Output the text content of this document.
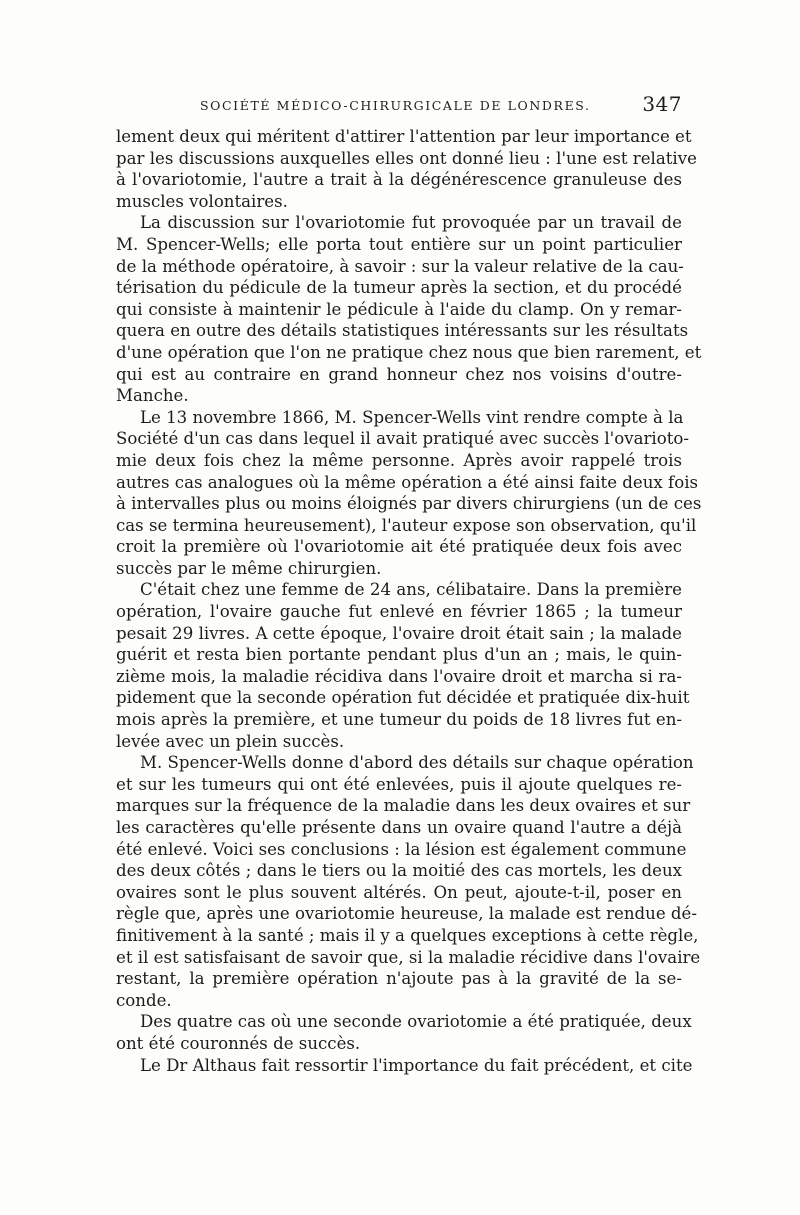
SOCIÉTÉ MÉDICO-CHIRURGICALE DE LONDRES.	347
lement deux qui méritent d'attirer l'attention par leur importance et
par les discussions auxquelles elles ont donné lieu : l'une est relative
à l'ovariotomie, l'autre a trait à la dégénérescence granuleuse des
muscles volontaires.
La discussion sur l'ovariotomie fut provoquée par un travail de
M. Spencer-Wells; elle porta tout entière sur un point particulier
de la méthode opératoire, à savoir : sur la valeur relative de la cau-
térisation du pédicule de la tumeur après la section, et du procédé
qui consiste à maintenir le pédicule à l'aide du clamp. On y remar-
quera en outre des détails statistiques intéressants sur les résultats
d'une opération que l'on ne pratique chez nous que bien rarement, et
qui est au contraire en grand honneur chez nos voisins d'outre-
Manche.
Le 13 novembre 1866, M. Spencer-Wells vint rendre compte à la
Société d'un cas dans lequel il avait pratiqué avec succès l'ovarioto-
mie deux fois chez la même personne. Après avoir rappelé trois
autres cas analogues où la même opération a été ainsi faite deux fois
à intervalles plus ou moins éloignés par divers chirurgiens (un de ces
cas se termina heureusement), l'auteur expose son observation, qu'il
croit la première où l'ovariotomie ait été pratiquée deux fois avec
succès par le même chirurgien.
C'était chez une femme de 24 ans, célibataire. Dans la première
opération, l'ovaire gauche fut enlevé en février 1865 ; la tumeur
pesait 29 livres. A cette époque, l'ovaire droit était sain ; la malade
guérit et resta bien portante pendant plus d'un an ; mais, le quin-
zième mois, la maladie récidiva dans l'ovaire droit et marcha si ra-
pidement que la seconde opération fut décidée et pratiquée dix-huit
mois après la première, et une tumeur du poids de 18 livres fut en-
levée avec un plein succès.
M. Spencer-Wells donne d'abord des détails sur chaque opération
et sur les tumeurs qui ont été enlevées, puis il ajoute quelques re-
marques sur la fréquence de la maladie dans les deux ovaires et sur
les caractères qu'elle présente dans un ovaire quand l'autre a déjà
été enlevé. Voici ses conclusions : la lésion est également commune
des deux côtés ; dans le tiers ou la moitié des cas mortels, les deux
ovaires sont le plus souvent altérés. On peut, ajoute-t-il, poser en
règle que, après une ovariotomie heureuse, la malade est rendue dé-
finitivement à la santé ; mais il y a quelques exceptions à cette règle,
et il est satisfaisant de savoir que, si la maladie récidive dans l'ovaire
restant, la première opération n'ajoute pas à la gravité de la se-
conde.
Des quatre cas où une seconde ovariotomie a été pratiquée, deux
ont été couronnés de succès.
Le Dr Althaus fait ressortir l'importance du fait précédent, et cite
